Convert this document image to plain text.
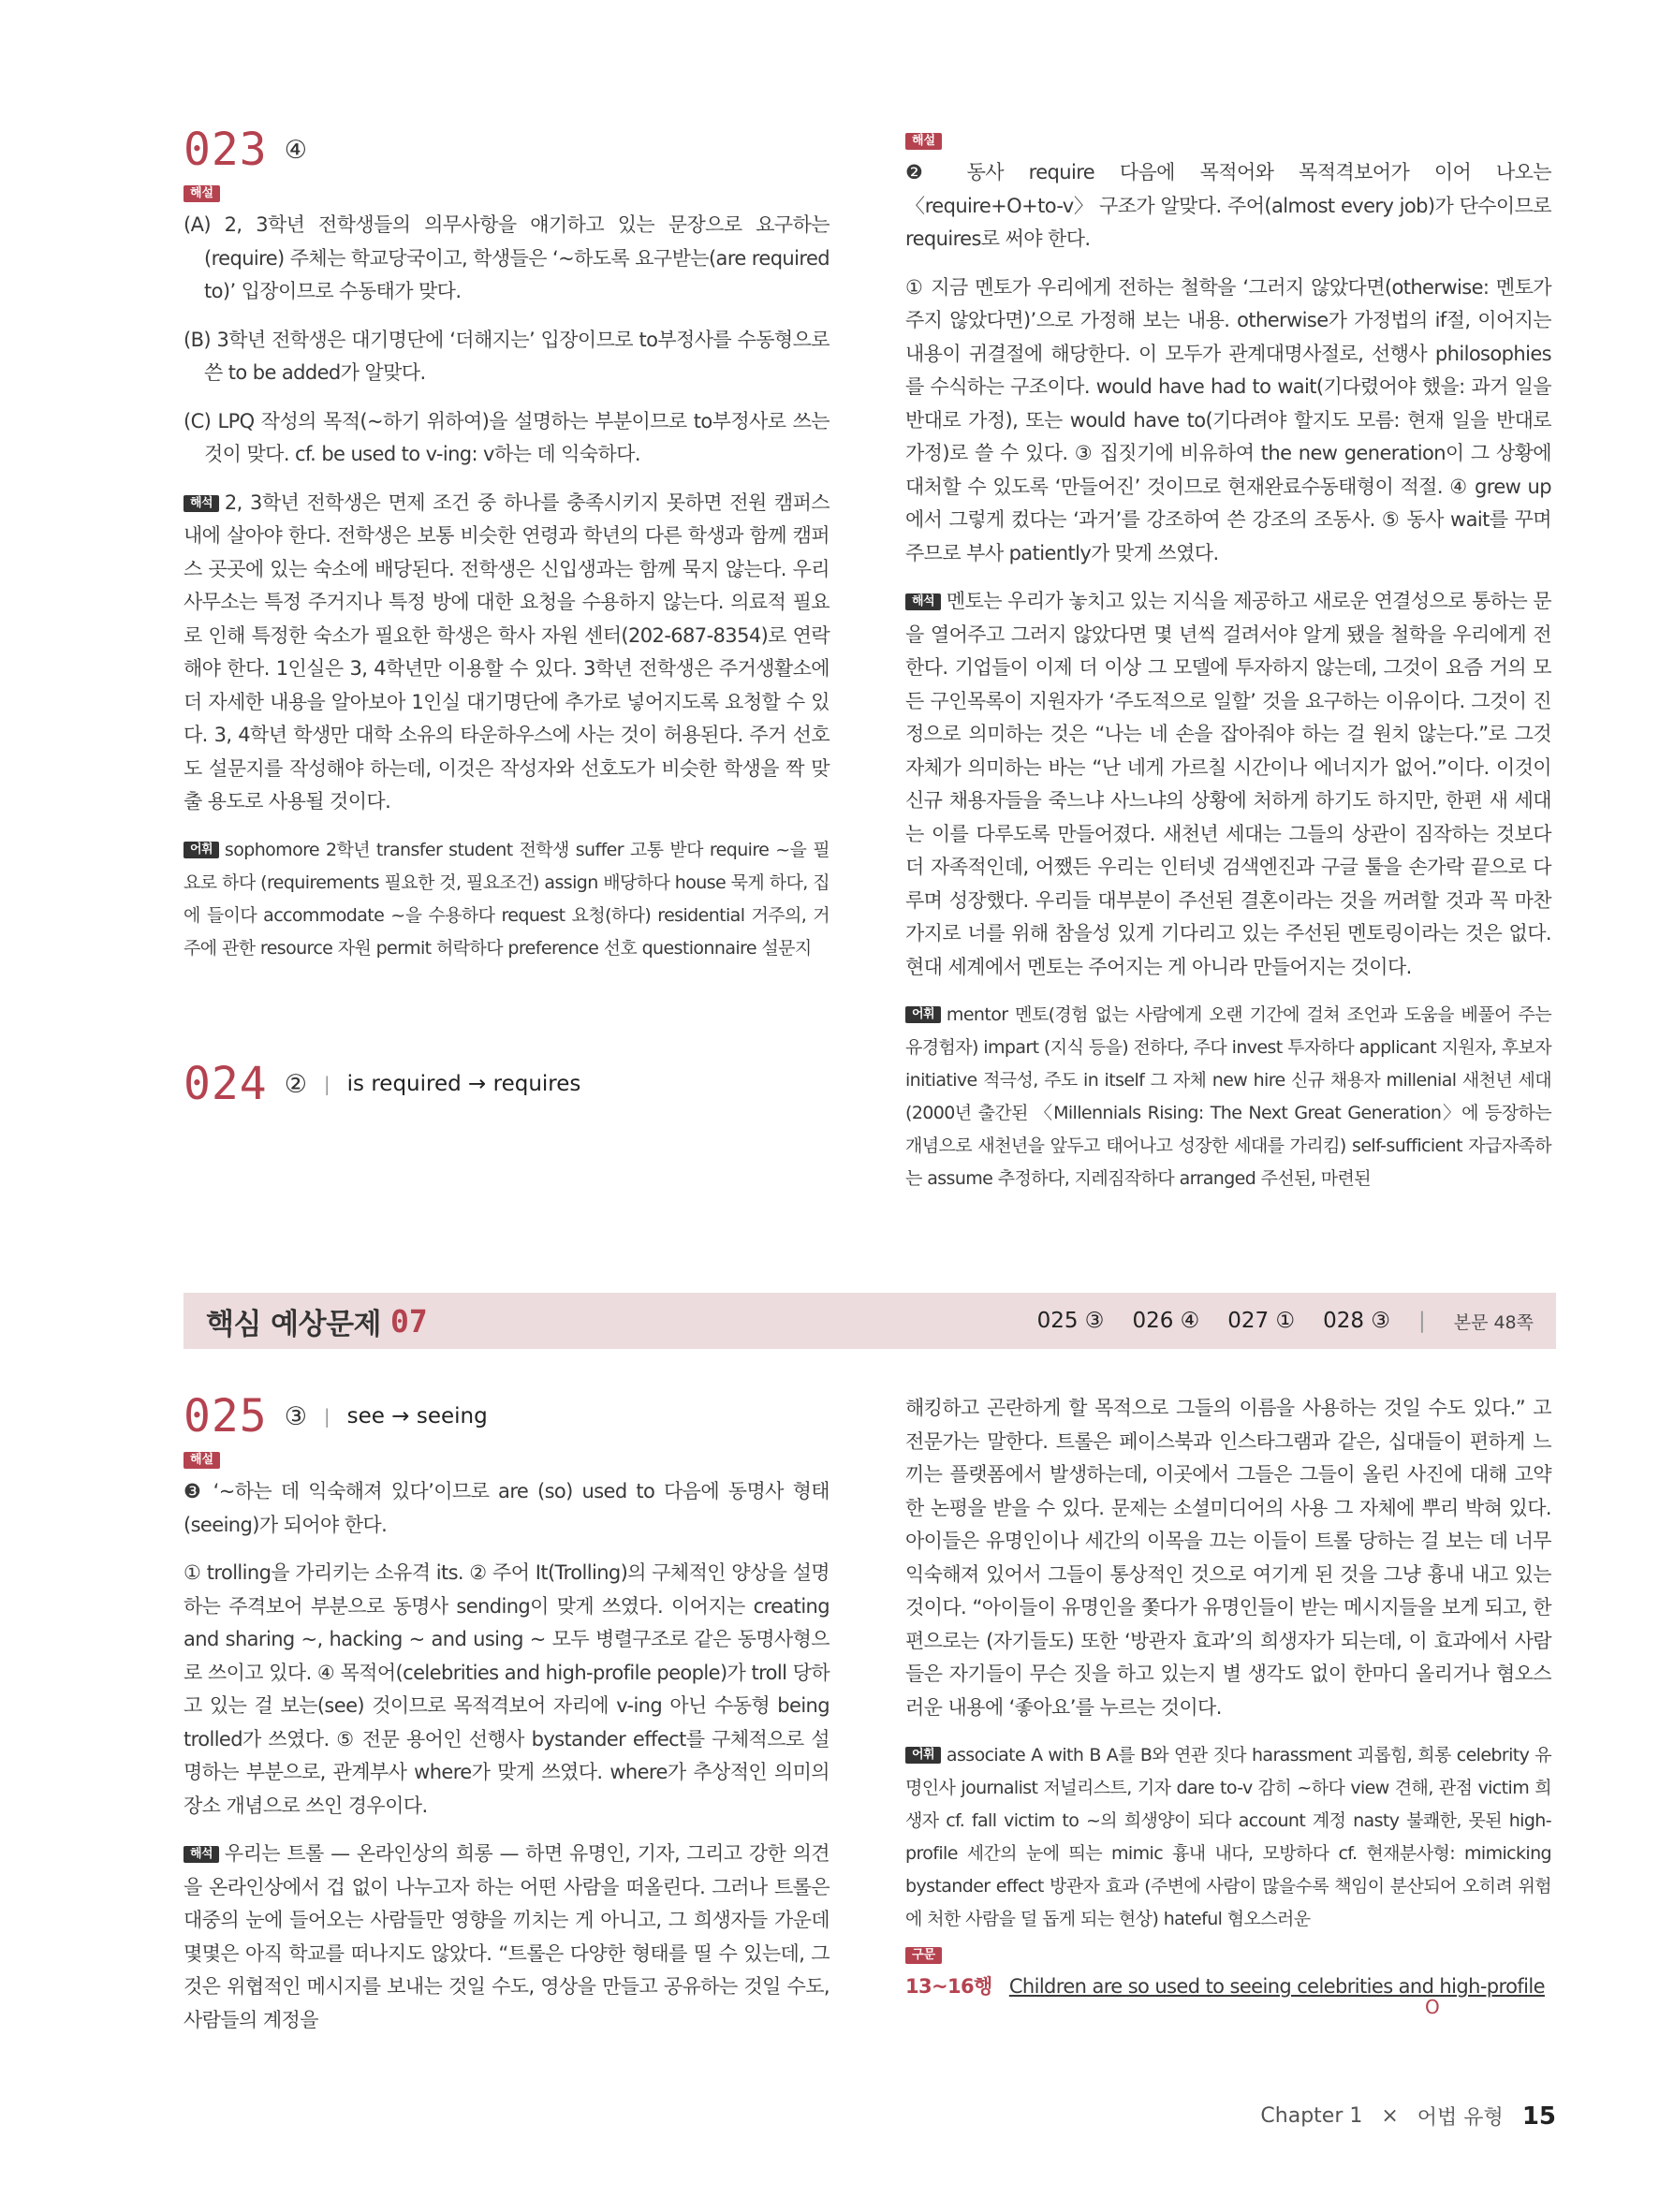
023 ④
해설

(A) 2, 3학년 전학생들의 의무사항을 얘기하고 있는 문장으로 요구하는(require) 주체는 학교당국이고, 학생들은 ‘~하도록 요구받는(are required to)’ 입장이므로 수동태가 맞다.

(B) 3학년 전학생은 대기명단에 ‘더해지는’ 입장이므로 to부정사를 수동형으로 쓴 to be added가 알맞다.

(C) LPQ 작성의 목적(~하기 위하여)을 설명하는 부분이므로 to부정사로 쓰는 것이 맞다. cf. be used to v-ing: v하는 데 익숙하다.

해석 2, 3학년 전학생은 면제 조건 중 하나를 충족시키지 못하면 전원 캠퍼스 내에 살아야 한다. 전학생은 보통 비슷한 연령과 학년의 다른 학생과 함께 캠퍼스 곳곳에 있는 숙소에 배당된다. 전학생은 신입생과는 함께 묵지 않는다. 우리 사무소는 특정 주거지나 특정 방에 대한 요청을 수용하지 않는다. 의료적 필요로 인해 특정한 숙소가 필요한 학생은 학사 자원 센터(202-687-8354)로 연락해야 한다. 1인실은 3, 4학년만 이용할 수 있다. 3학년 전학생은 주거생활소에 더 자세한 내용을 알아보아 1인실 대기명단에 추가로 넣어지도록 요청할 수 있다. 3, 4학년 학생만 대학 소유의 타운하우스에 사는 것이 허용된다. 주거 선호도 설문지를 작성해야 하는데, 이것은 작성자와 선호도가 비슷한 학생을 짝 맞출 용도로 사용될 것이다.

어휘 sophomore 2학년 transfer student 전학생 suffer 고통 받다 require ~을 필요로 하다 (requirements 필요한 것, 필요조건) assign 배당하다 house 묵게 하다, 집에 들이다 accommodate ~을 수용하다 request 요청(하다) residential 거주의, 거주에 관한 resource 자원 permit 허락하다 preference 선호 questionnaire 설문지

024 ② | is required → requires
해설

❷ 동사 require 다음에 목적어와 목적격보어가 이어 나오는 〈require+O+to-v〉 구조가 알맞다. 주어(almost every job)가 단수이므로 requires로 써야 한다.

① 지금 멘토가 우리에게 전하는 철학을 ‘그러지 않았다면(otherwise: 멘토가 주지 않았다면)’으로 가정해 보는 내용. otherwise가 가정법의 if절, 이어지는 내용이 귀결절에 해당한다. 이 모두가 관계대명사절로, 선행사 philosophies를 수식하는 구조이다. would have had to wait(기다렸어야 했을: 과거 일을 반대로 가정), 또는 would have to(기다려야 할지도 모름: 현재 일을 반대로 가정)로 쓸 수 있다. ③ 집짓기에 비유하여 the new generation이 그 상황에 대처할 수 있도록 ‘만들어진’ 것이므로 현재완료수동태형이 적절. ④ grew up에서 그렇게 컸다는 ‘과거’를 강조하여 쓴 강조의 조동사. ⑤ 동사 wait를 꾸며주므로 부사 patiently가 맞게 쓰였다.

해석 멘토는 우리가 놓치고 있는 지식을 제공하고 새로운 연결성으로 통하는 문을 열어주고 그러지 않았다면 몇 년씩 걸려서야 알게 됐을 철학을 우리에게 전한다. 기업들이 이제 더 이상 그 모델에 투자하지 않는데, 그것이 요즘 거의 모든 구인목록이 지원자가 ‘주도적으로 일할’ 것을 요구하는 이유이다. 그것이 진정으로 의미하는 것은 “나는 네 손을 잡아줘야 하는 걸 원치 않는다.”로 그것 자체가 의미하는 바는 “난 네게 가르칠 시간이나 에너지가 없어.”이다. 이것이 신규 채용자들을 죽느냐 사느냐의 상황에 처하게 하기도 하지만, 한편 새 세대는 이를 다루도록 만들어졌다. 새천년 세대는 그들의 상관이 짐작하는 것보다 더 자족적인데, 어쨌든 우리는 인터넷 검색엔진과 구글 툴을 손가락 끝으로 다루며 성장했다. 우리들 대부분이 주선된 결혼이라는 것을 꺼려할 것과 꼭 마찬가지로 너를 위해 참을성 있게 기다리고 있는 주선된 멘토링이라는 것은 없다. 현대 세계에서 멘토는 주어지는 게 아니라 만들어지는 것이다.

어휘 mentor 멘토(경험 없는 사람에게 오랜 기간에 걸쳐 조언과 도움을 베풀어 주는 유경험자) impart (지식 등을) 전하다, 주다 invest 투자하다 applicant 지원자, 후보자 initiative 적극성, 주도 in itself 그 자체 new hire 신규 채용자 millenial 새천년 세대(2000년 출간된 〈Millennials Rising: The Next Great Generation〉에 등장하는 개념으로 새천년을 앞두고 태어나고 성장한 세대를 가리킴) self-sufficient 자급자족하는 assume 추정하다, 지레짐작하다 arranged 주선된, 마련된

핵심 예상문제 07	025 ③ 026 ④ 027 ① 028 ③ | 본문 48쪽
025 ③ | see → seeing
해설

❸ ‘~하는 데 익숙해져 있다’이므로 are (so) used to 다음에 동명사 형태(seeing)가 되어야 한다.

① trolling을 가리키는 소유격 its. ② 주어 It(Trolling)의 구체적인 양상을 설명하는 주격보어 부분으로 동명사 sending이 맞게 쓰였다. 이어지는 creating and sharing ~, hacking ~ and using ~ 모두 병렬구조로 같은 동명사형으로 쓰이고 있다. ④ 목적어(celebrities and high-profile people)가 troll 당하고 있는 걸 보는(see) 것이므로 목적격보어 자리에 v-ing 아닌 수동형 being trolled가 쓰였다. ⑤ 전문 용어인 선행사 bystander effect를 구체적으로 설명하는 부분으로, 관계부사 where가 맞게 쓰였다. where가 추상적인 의미의 장소 개념으로 쓰인 경우이다.

해석 우리는 트롤 — 온라인상의 희롱 — 하면 유명인, 기자, 그리고 강한 의견을 온라인상에서 겁 없이 나누고자 하는 어떤 사람을 떠올린다. 그러나 트롤은 대중의 눈에 들어오는 사람들만 영향을 끼치는 게 아니고, 그 희생자들 가운데 몇몇은 아직 학교를 떠나지도 않았다. “트롤은 다양한 형태를 띨 수 있는데, 그것은 위협적인 메시지를 보내는 것일 수도, 영상을 만들고 공유하는 것일 수도, 사람들의 계정을

해킹하고 곤란하게 할 목적으로 그들의 이름을 사용하는 것일 수도 있다.” 고 전문가는 말한다. 트롤은 페이스북과 인스타그램과 같은, 십대들이 편하게 느끼는 플랫폼에서 발생하는데, 이곳에서 그들은 그들이 올린 사진에 대해 고약한 논평을 받을 수 있다. 문제는 소셜미디어의 사용 그 자체에 뿌리 박혀 있다. 아이들은 유명인이나 세간의 이목을 끄는 이들이 트롤 당하는 걸 보는 데 너무 익숙해져 있어서 그들이 통상적인 것으로 여기게 된 것을 그냥 흉내 내고 있는 것이다. “아이들이 유명인을 쫓다가 유명인들이 받는 메시지들을 보게 되고, 한편으로는 (자기들도) 또한 ‘방관자 효과’의 희생자가 되는데, 이 효과에서 사람들은 자기들이 무슨 짓을 하고 있는지 별 생각도 없이 한마디 올리거나 혐오스러운 내용에 ‘좋아요’를 누르는 것이다.

어휘 associate A with B A를 B와 연관 짓다 harassment 괴롭힘, 희롱 celebrity 유명인사 journalist 저널리스트, 기자 dare to-v 감히 ~하다 view 견해, 관점 victim 희생자 cf. fall victim to ~의 희생양이 되다 account 계정 nasty 불쾌한, 못된 high-profile 세간의 눈에 띄는 mimic 흉내 내다, 모방하다 cf. 현재분사형: mimicking bystander effect 방관자 효과 (주변에 사람이 많을수록 책임이 분산되어 오히려 위험에 처한 사람을 덜 돕게 되는 현상) hateful 혐오스러운

구문

13~16행 Children are so used to seeing celebrities and high-profile
O

Chapter 1 × 어법 유형 15
